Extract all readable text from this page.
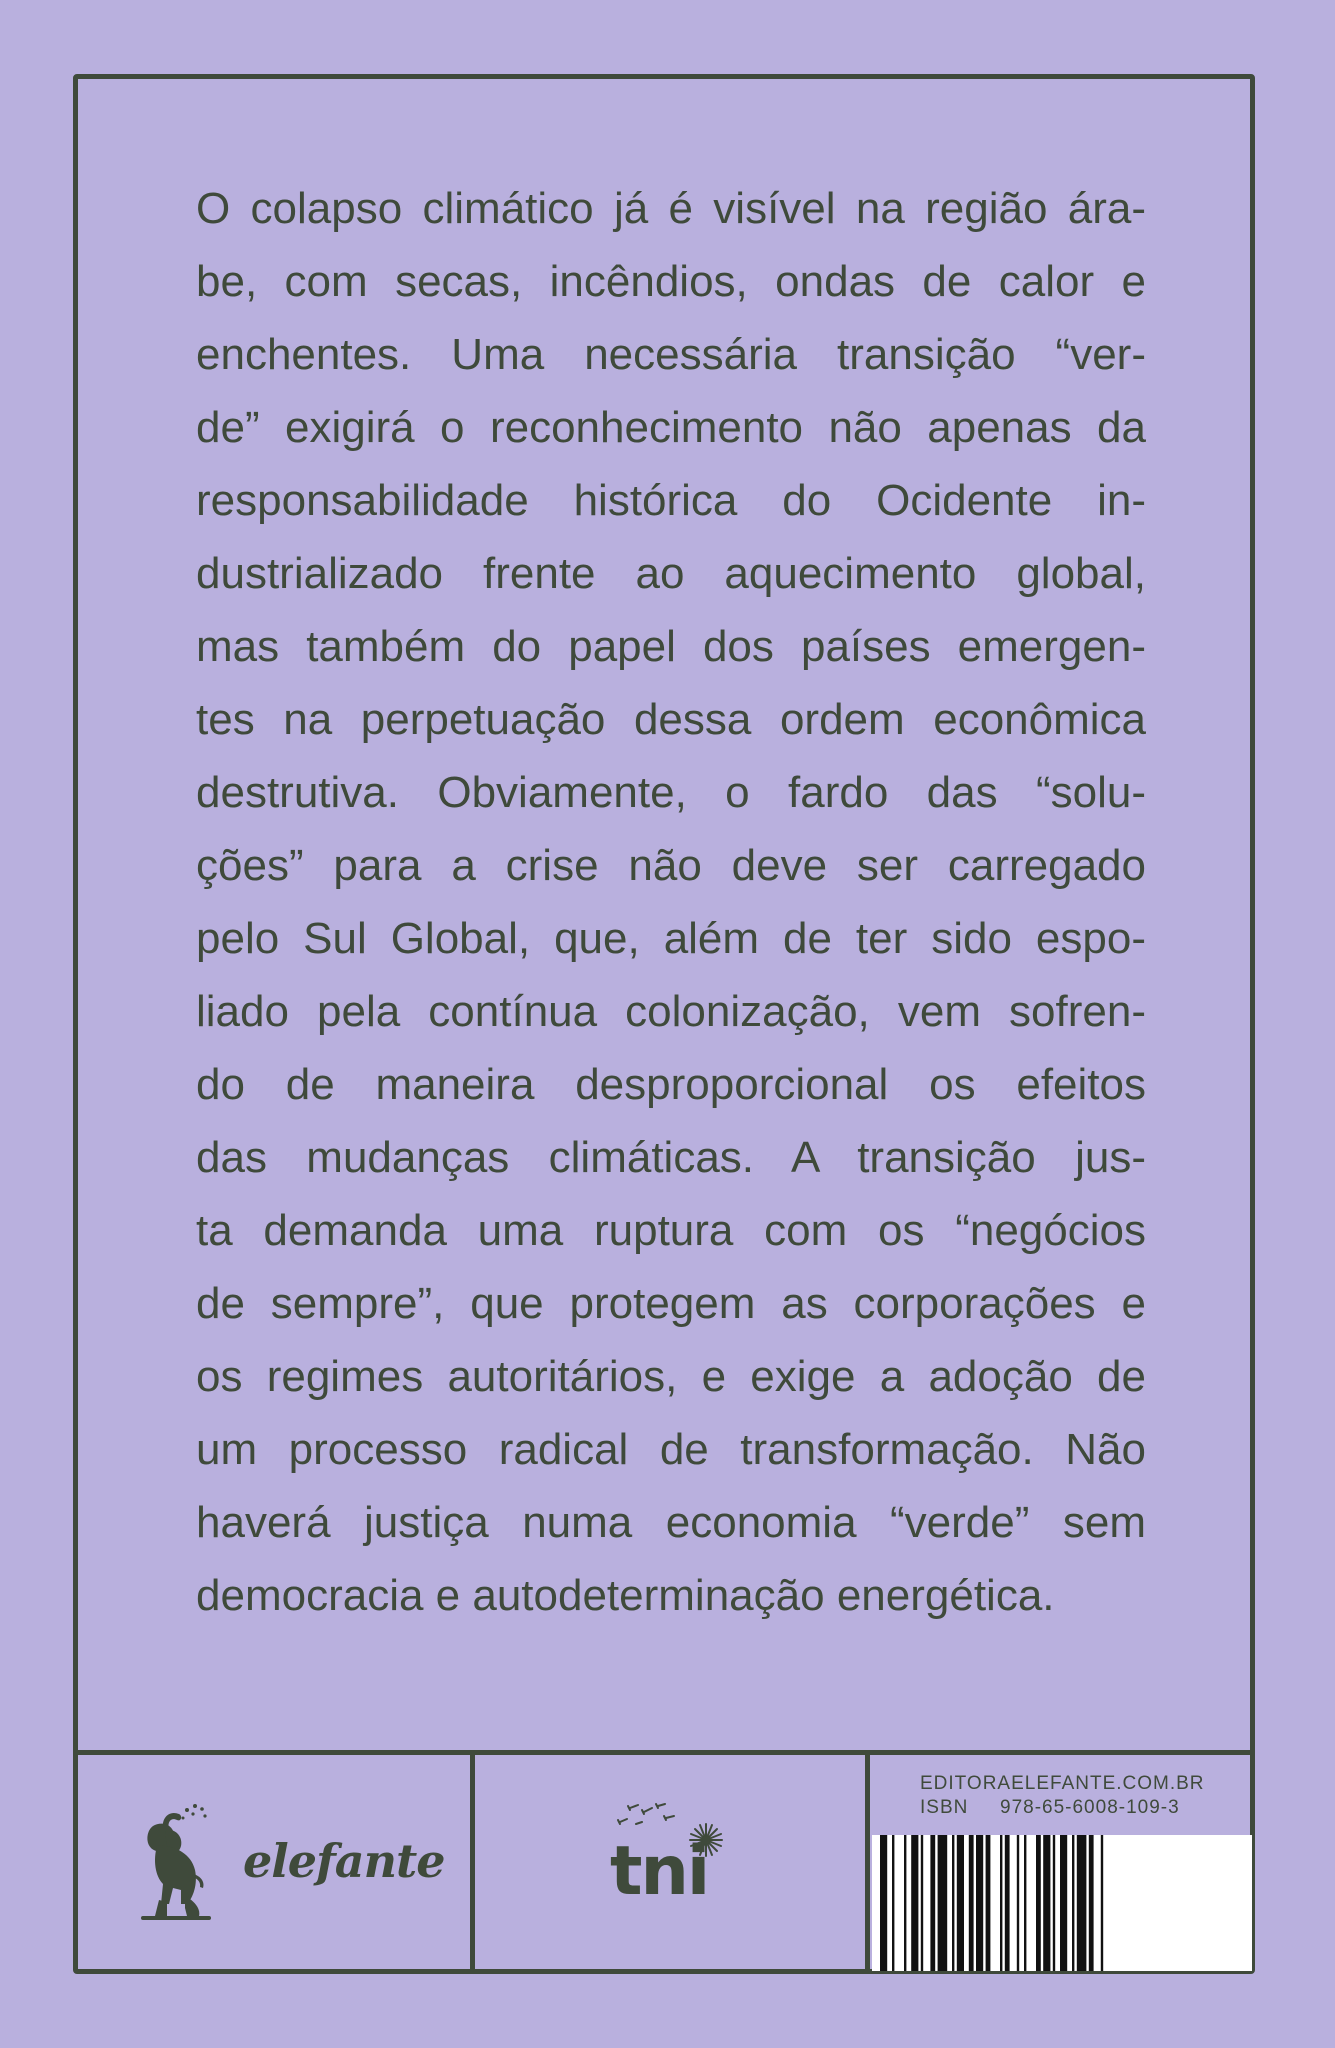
O colapso climático já é visível na região ára-
be, com secas, incêndios, ondas de calor e
enchentes. Uma necessária transição “ver-
de” exigirá o reconhecimento não apenas da
responsabilidade histórica do Ocidente in-
dustrializado frente ao aquecimento global,
mas também do papel dos países emergen-
tes na perpetuação dessa ordem econômica
destrutiva. Obviamente, o fardo das “solu-
ções” para a crise não deve ser carregado
pelo Sul Global, que, além de ter sido espo-
liado pela contínua colonização, vem sofren-
do de maneira desproporcional os efeitos
das mudanças climáticas. A transição jus-
ta demanda uma ruptura com os “negócios
de sempre”, que protegem as corporações e
os regimes autoritários, e exige a adoção de
um processo radical de transformação. Não
haverá justiça numa economia “verde” sem
democracia e autodeterminação energética.
elefante tni
EDITORAELEFANTE.COM.BR
ISBN 978-65-6008-109-3
